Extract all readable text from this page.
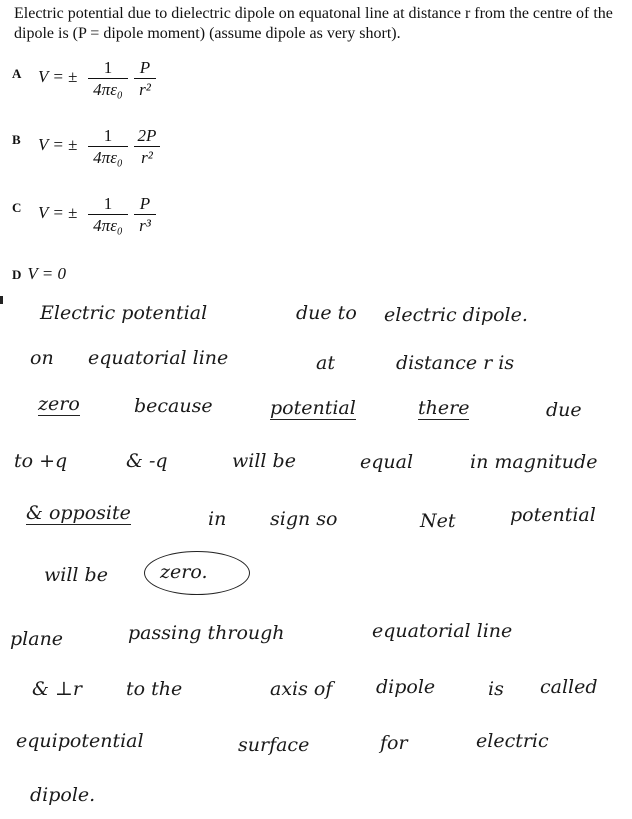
Electric potential due to dielectric dipole on equatonal line at distance r from the centre of the dipole is (P = dipole moment) (assume dipole as very short).
A V = ±	1
4πε₀
P
r²
B V = ±	1
4πε₀
2P
r²
C V = ±	1
4πε₀
P
r³
D V = 0
Electric potential	due to electric dipole.
on equatorial line	at	distance r is
zero	because	potential	there	due
to +q	& -q	will be	equal	in magnitude
& opposite	in sign so	Net	potential
will be	zero.
plane	passing through	equatorial line
& ⊥r to the	axis of dipole	is called
equipotential	surface	for	electric
dipole.
